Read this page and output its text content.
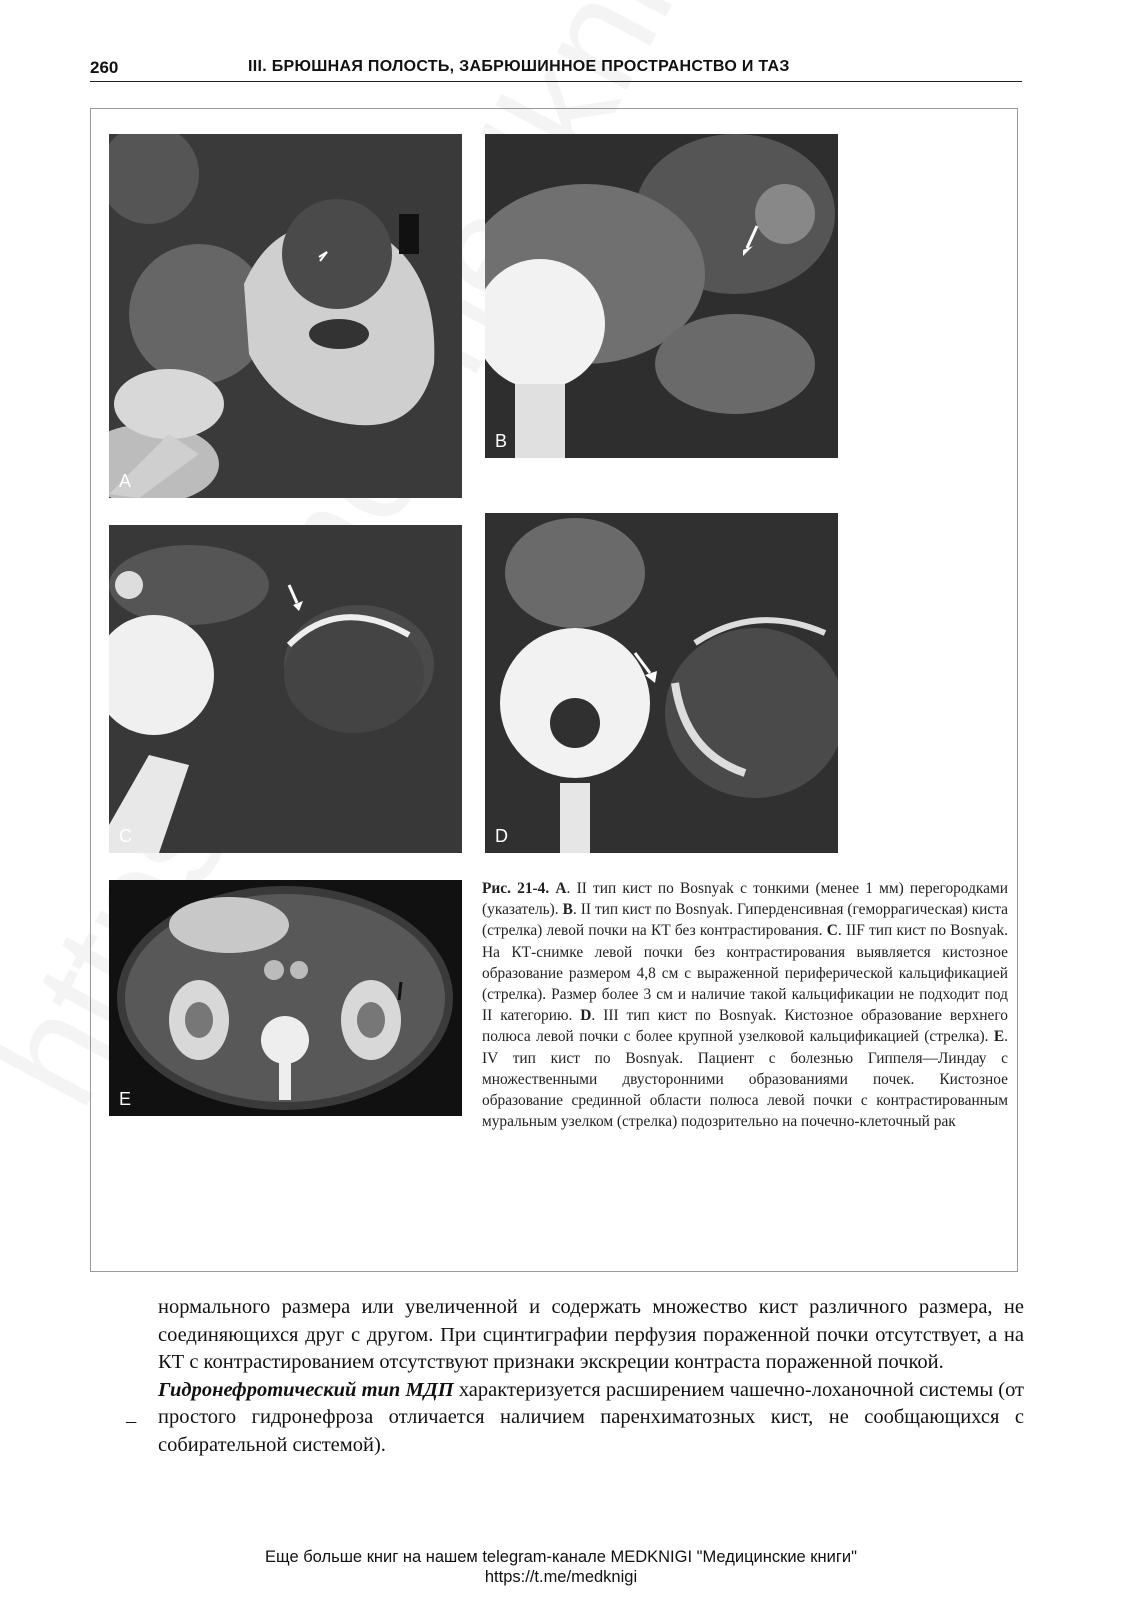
260	III. БРЮШНАЯ ПОЛОСТЬ, ЗАБРЮШИННОЕ ПРОСТРАНСТВО И ТАЗ
A
B
C	D
E
Рис. 21-4. A. II тип кист по Bosnyak с тонкими (менее 1 мм) перегородками (указатель). B. II тип кист по Bosnyak. Гиперденсивная (геморрагическая) киста (стрелка) левой почки на КТ без контрастирования. C. IIF тип кист по Bosnyak. На КТ-снимке левой почки без контрастирования выявляется кистозное образование размером 4,8 см с выраженной периферической кальцификацией (стрелка). Размер более 3 см и наличие такой кальцификации не подходит под II категорию. D. III тип кист по Bosnyak. Кистозное образование верхнего полюса левой почки с более крупной узелковой кальцификацией (стрелка). E. IV тип кист по Bosnyak. Пациент с болезнью Гиппеля—Линдау с множественными двусторонними образованиями почек. Кистозное образование срединной области полюса левой почки с контрастированным муральным узелком (стрелка) подозрительно на почечно-клеточный рак

нормального размера или увеличенной и содержать множество кист различного размера, не соединяющихся друг с другом. При сцинтиграфии перфузия пораженной почки отсутствует, а на КТ с контрастированием отсутствуют признаки экскреции контраста пораженной почкой.

Гидронефротический тип МДП характеризуется расширением чашечно-лоханочной системы (от простого гидронефроза отличается наличием паренхиматозных кист, не сообщающихся с собирательной системой).

–
Еще больше книг на нашем telegram-канале MEDKNIGI "Медицинские книги"
https://t.me/medknigi
